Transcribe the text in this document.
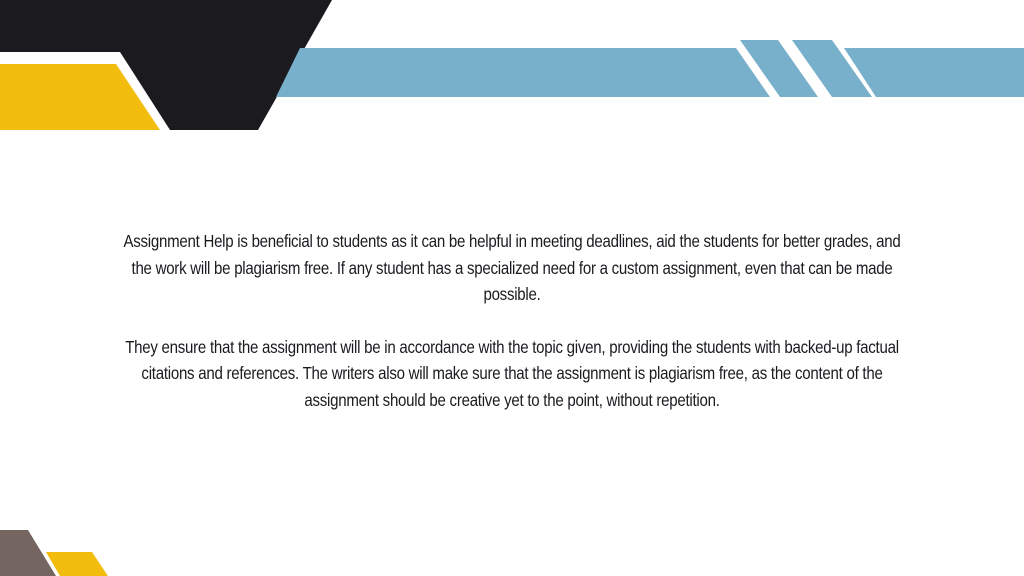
Assignment Help is beneficial to students as it can be helpful in meeting deadlines, aid the students for better grades, and the work will be plagiarism free. If any student has a specialized need for a custom assignment, even that can be made possible.

They ensure that the assignment will be in accordance with the topic given, providing the students with backed-up factual citations and references. The writers also will make sure that the assignment is plagiarism free, as the content of the assignment should be creative yet to the point, without repetition.
